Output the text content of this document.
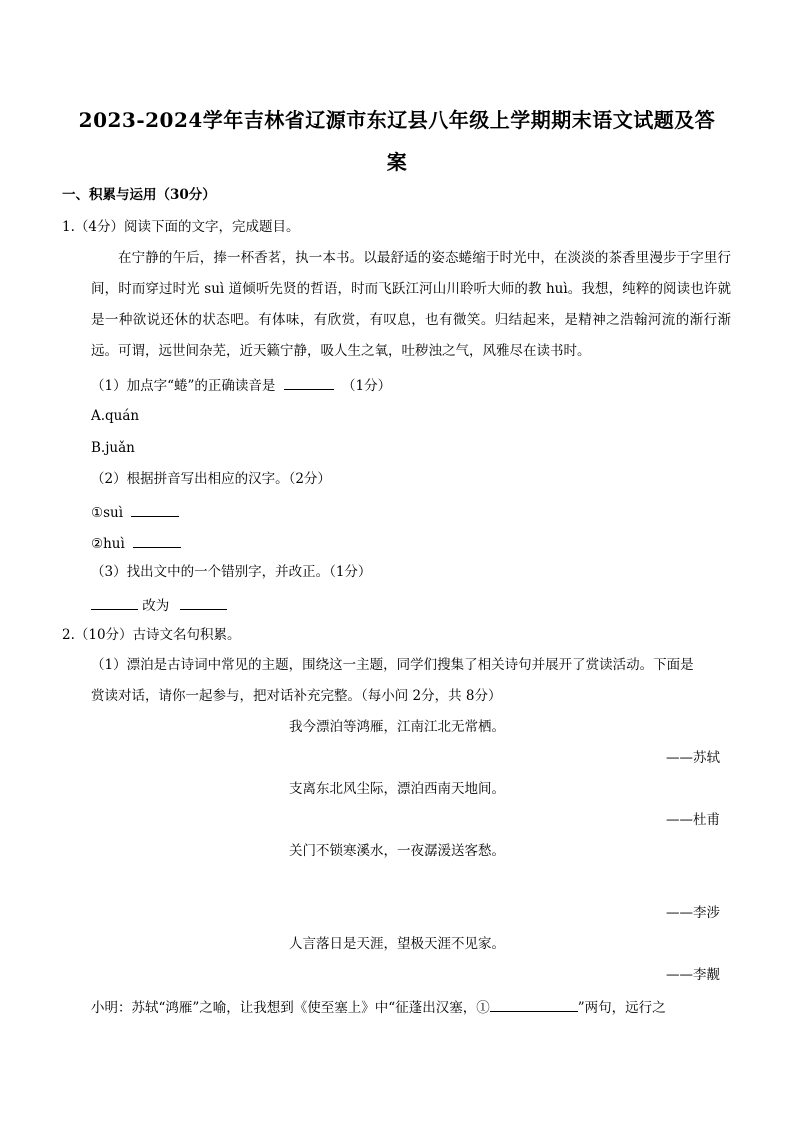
2023-2024学年吉林省辽源市东辽县八年级上学期期末语文试题及答
案
一、积累与运用（30分）
1.（4分）阅读下面的文字，完成题目。
在宁静的午后，捧一杯香茗，执一本书。以最舒适的姿态蜷缩于时光中，在淡淡的茶香里漫步于字里行间，时而穿过时光 suì 道倾听先贤的哲语，时而飞跃江河山川聆听大师的教 huì。我想，纯粹的阅读也许就是一种欲说还休的状态吧。有体味，有欣赏，有叹息，也有微笑。归结起来，是精神之浩翰河流的渐行渐远。可谓，远世间杂芜，近天籁宁静，吸人生之氧，吐秽浊之气，风雅尽在读书时。
（1）加点字“蜷”的正确读音是	（1分）
A.quán
B.juǎn
（2）根据拼音写出相应的汉字。（2分）
①suì
②huì
（3）找出文中的一个错别字，并改正。（1分）
改为
2.（10分）古诗文名句积累。
（1）漂泊是古诗词中常见的主题，围绕这一主题，同学们搜集了相关诗句并展开了赏读活动。下面是
赏读对话，请你一起参与，把对话补充完整。（每小问 2分，共 8分）
我今漂泊等鸿雁，江南江北无常栖。
——苏轼
支离东北风尘际，漂泊西南天地间。
——杜甫
关门不锁寒溪水，一夜潺湲送客愁。
——李涉
人言落日是天涯，望极天涯不见家。
——李觏
小明：苏轼“鸿雁”之喻，让我想到《使至塞上》中“征蓬出汉塞，①	”两句，远行之
